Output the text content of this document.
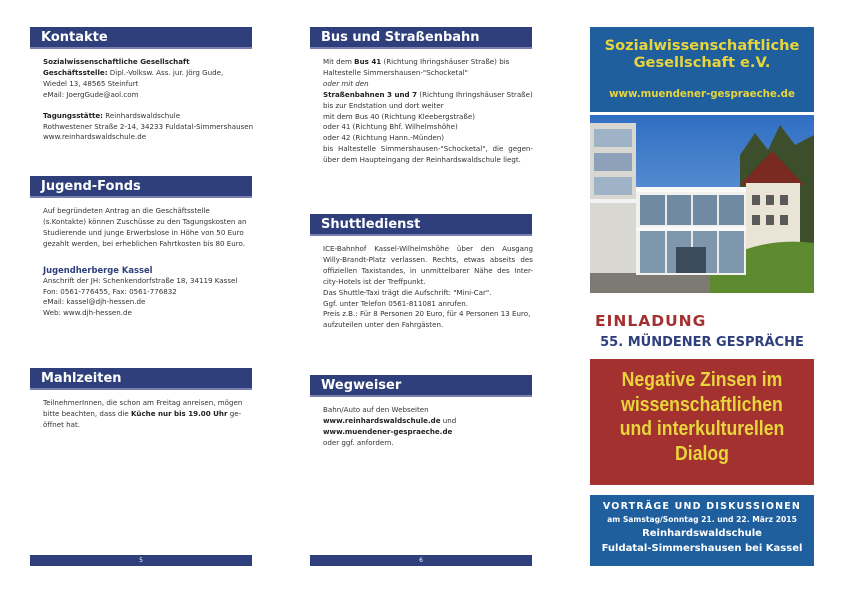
Kontakte

Sozialwissenschaftliche Gesellschaft

Geschäftsstelle: Dipl.-Volksw. Ass. jur. Jörg Gude,

Wiedel 13, 48565 Steinfurt

eMail: JoergGude@aol.com

Tagungsstätte: Reinhardswaldschule

Rothwestener Straße 2-14, 34233 Fuldatal-Simmershausen

www.reinhardswaldschule.de

Jugend-Fonds

Auf begründeten Antrag an die Geschäftsstelle

(s.Kontakte) können Zuschüsse zu den Tagungskosten an

Studierende und junge Erwerbslose in Höhe von 50 Euro

gezahlt werden, bei erheblichen Fahrtkosten bis 80 Euro.

Jugendherberge Kassel

Anschrift der JH: Schenkendorfstraße 18, 34119 Kassel

Fon: 0561-776455, Fax: 0561-776832

eMail: kassel@djh-hessen.de

Web: www.djh-hessen.de

Mahlzeiten

TeilnehmerInnen, die schon am Freitag anreisen, mögen

bitte beachten, dass die Küche nur bis 19.00 Uhr ge-

öffnet hat.

5
Bus und Straßenbahn

Mit dem Bus 41 (Richtung Ihringshäuser Straße) bis

Haltestelle Simmershausen-"Schocketal"

oder mit den

Straßenbahnen 3 und 7 (Richtung Ihringshäuser Straße)

bis zur Endstation und dort weiter

mit dem Bus 40 (Richtung Kleebergstraße)

oder 41 (Richtung Bhf. Wilhelmshöhe)

oder 42 (Richtung Hann.-Münden)

bis Haltestelle Simmershausen-"Schocketal", die gegen-

über dem Haupteingang der Reinhardswaldschule liegt.

Shuttledienst

ICE-Bahnhof Kassel-Wilhelmshöhe über den Ausgang

Willy-Brandt-Platz verlassen. Rechts, etwas abseits des

offiziellen Taxistandes, in unmittelbarer Nähe des Inter-

city-Hotels ist der Treffpunkt.

Das Shuttle-Taxi trägt die Aufschrift: "Mini-Car".

Ggf. unter Telefon 0561-811081 anrufen.

Preis z.B.: Für 8 Personen 20 Euro, für 4 Personen 13 Euro,

aufzuteilen unter den Fahrgästen.

Wegweiser

Bahn/Auto auf den Webseiten

www.reinhardswaldschule.de und

www.muendener-gespraeche.de

oder ggf. anfordern.

6
Sozialwissenschaftliche
Gesellschaft e.V.
www.muendener-gespraeche.de
EINLADUNG
55. MÜNDENER GESPRÄCHE
Negative Zinsen im
wissenschaftlichen
und interkulturellen
Dialog
VORTRÄGE UND DISKUSSIONEN
am Samstag/Sonntag 21. und 22. März 2015
Reinhardswaldschule
Fuldatal-Simmershausen bei Kassel
